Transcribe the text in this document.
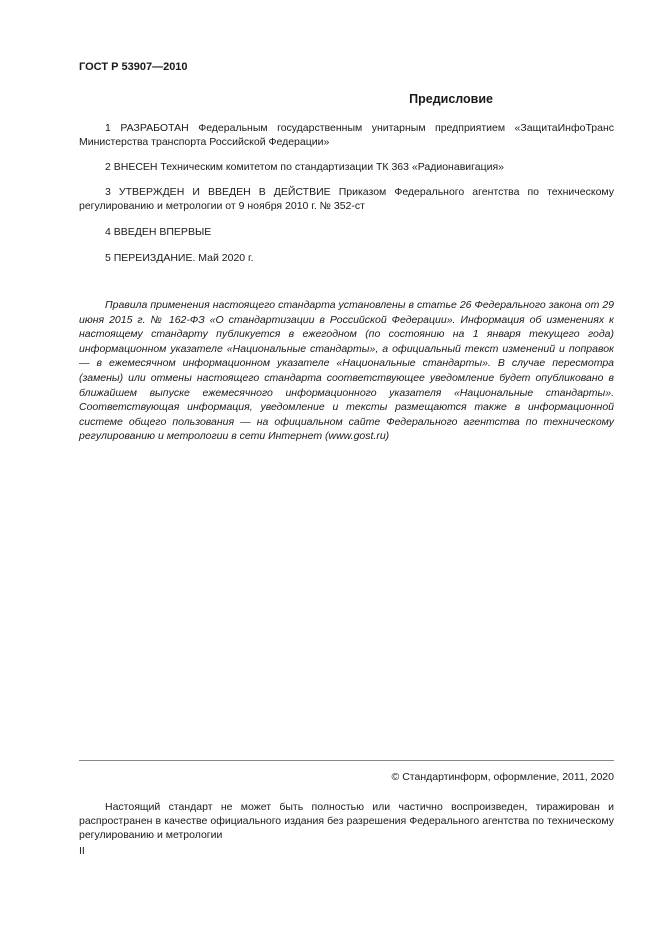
ГОСТ Р 53907—2010
Предисловие
1 РАЗРАБОТАН Федеральным государственным унитарным предприятием «ЗащитаИнфоТранс Министерства транспорта Российской Федерации»
2 ВНЕСЕН Техническим комитетом по стандартизации ТК 363 «Радионавигация»
3 УТВЕРЖДЕН И ВВЕДЕН В ДЕЙСТВИЕ Приказом Федерального агентства по техническому регулированию и метрологии от 9 ноября 2010 г. № 352-ст
4 ВВЕДЕН ВПЕРВЫЕ
5 ПЕРЕИЗДАНИЕ. Май 2020 г.
Правила применения настоящего стандарта установлены в статье 26 Федерального закона от 29 июня 2015 г. № 162-ФЗ «О стандартизации в Российской Федерации». Информация об изменениях к настоящему стандарту публикуется в ежегодном (по состоянию на 1 января текущего года) информационном указателе «Национальные стандарты», а официальный текст изменений и поправок — в ежемесячном информационном указателе «Национальные стандарты». В случае пересмотра (замены) или отмены настоящего стандарта соответствующее уведомление будет опубликовано в ближайшем выпуске ежемесячного информационного указателя «Национальные стандарты». Соответствующая информация, уведомление и тексты размещаются также в информационной системе общего пользования — на официальном сайте Федерального агентства по техническому регулированию и метрологии в сети Интернет (www.gost.ru)
© Стандартинформ, оформление, 2011, 2020
Настоящий стандарт не может быть полностью или частично воспроизведен, тиражирован и распространен в качестве официального издания без разрешения Федерального агентства по техническому регулированию и метрологии
II
